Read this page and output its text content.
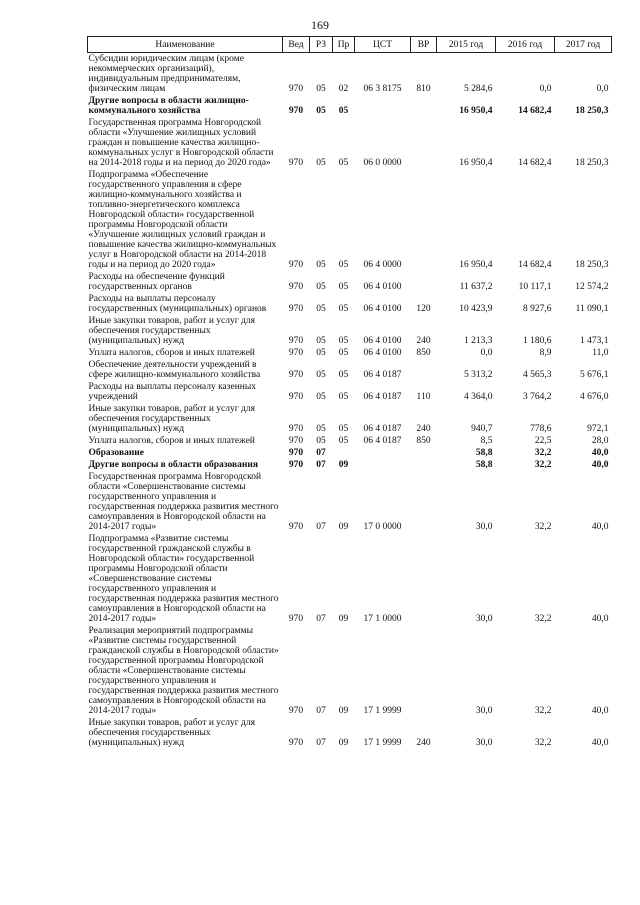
169
Наименование	Вед	РЗ	Пр	ЦСТ	ВР	2015 год	2016 год	2017 год
Субсидии юридическим лицам (кроме некоммерческих организаций), индивидуальным предпринимателям, физическим лицам	970	05	02	06 3 8175	810	5 284,6	0,0	0,0
Другие вопросы в области жилищно-коммунального хозяйства	970	05	05			16 950,4	14 682,4	18 250,3
Государственная программа Новгородской области «Улучшение жилищных условий граждан и повышение качества жилищно-коммунальных услуг в Новгородской области на 2014-2018 годы и на период до 2020 года»	970	05	05	06 0 0000		16 950,4	14 682,4	18 250,3
Подпрограмма «Обеспечение государственного управления в сфере жилищно-коммунального хозяйства и топливно-энергетического комплекса Новгородской области» государственной программы Новгородской области «Улучшение жилищных условий граждан и повышение качества жилищно-коммунальных услуг в Новгородской области на 2014-2018 годы и на период до 2020 года»	970	05	05	06 4 0000		16 950,4	14 682,4	18 250,3
Расходы на обеспечение функций государственных органов	970	05	05	06 4 0100		11 637,2	10 117,1	12 574,2
Расходы на выплаты персоналу государственных (муниципальных) органов	970	05	05	06 4 0100	120	10 423,9	8 927,6	11 090,1
Иные закупки товаров, работ и услуг для обеспечения государственных (муниципальных) нужд	970	05	05	06 4 0100	240	1 213,3	1 180,6	1 473,1
Уплата налогов, сборов и иных платежей	970	05	05	06 4 0100	850	0,0	8,9	11,0
Обеспечение деятельности учреждений в сфере жилищно-коммунального хозяйства	970	05	05	06 4 0187		5 313,2	4 565,3	5 676,1
Расходы на выплаты персоналу казенных учреждений	970	05	05	06 4 0187	110	4 364,0	3 764,2	4 676,0
Иные закупки товаров, работ и услуг для обеспечения государственных (муниципальных) нужд	970	05	05	06 4 0187	240	940,7	778,6	972,1
Уплата налогов, сборов и иных платежей	970	05	05	06 4 0187	850	8,5	22,5	28,0
Образование	970	07				58,8	32,2	40,0
Другие вопросы в области образования	970	07	09			58,8	32,2	40,0
Государственная программа Новгородской области «Совершенствование системы государственного управления и государственная поддержка развития местного самоуправления в Новгородской области на 2014-2017 годы»	970	07	09	17 0 0000		30,0	32,2	40,0
Подпрограмма «Развитие системы государственной гражданской службы в Новгородской области» государственной программы Новгородской области «Совершенствование системы государственного управления и государственная поддержка развития местного самоуправления в Новгородской области на 2014-2017 годы»	970	07	09	17 1 0000		30,0	32,2	40,0
Реализация мероприятий подпрограммы «Развитие системы государственной гражданской службы в Новгородской области» государственной программы Новгородской области «Совершенствование системы государственного управления и государственная поддержка развития местного самоуправления в Новгородской области на 2014-2017 годы»	970	07	09	17 1 9999		30,0	32,2	40,0
Иные закупки товаров, работ и услуг для обеспечения государственных (муниципальных) нужд	970	07	09	17 1 9999	240	30,0	32,2	40,0
